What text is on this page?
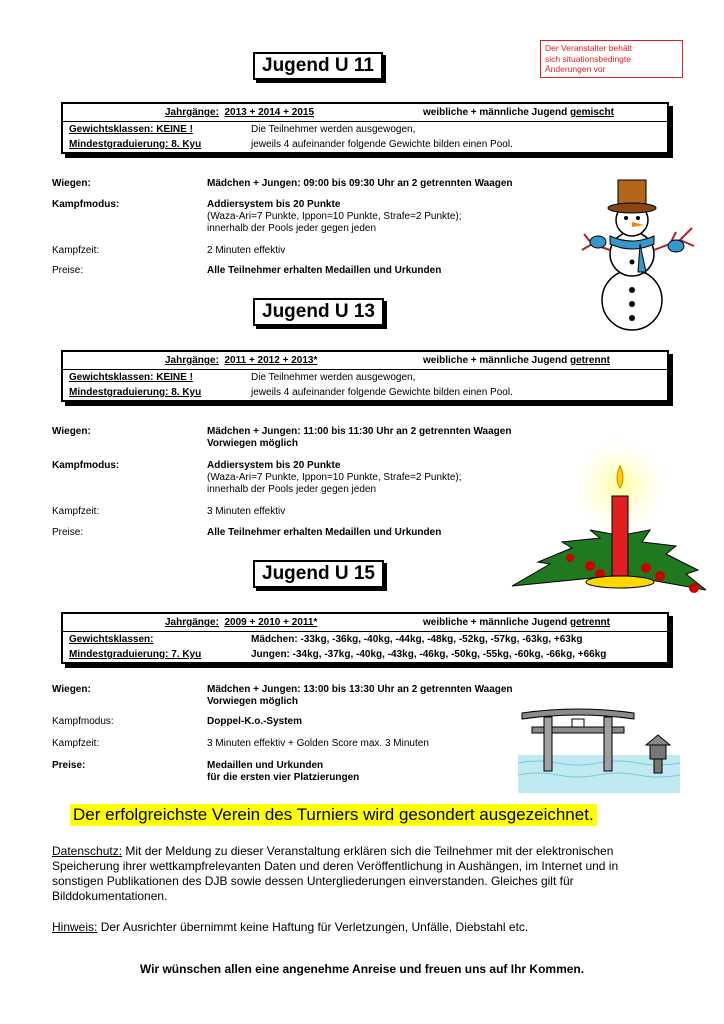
Der Veranstalter behält
sich situationsbedingte
Änderungen vor
Jugend U 11
Jahrgänge: 2013 + 2014 + 2015	weibliche + männliche Jugend gemischt
Gewichtsklassen: KEINE !	Die Teilnehmer werden ausgewogen,
Mindestgraduierung: 8. Kyu	jeweils 4 aufeinander folgende Gewichte bilden einen Pool.
Wiegen:	Mädchen + Jungen: 09:00 bis 09:30 Uhr an 2 getrennten Waagen
Kampfmodus:	Addiersystem bis 20 Punkte
(Waza-Ari=7 Punkte, Ippon=10 Punkte, Strafe=2 Punkte);
innerhalb der Pools jeder gegen jeden
Kampfzeit:	2 Minuten effektiv
Preise:	Alle Teilnehmer erhalten Medaillen und Urkunden
Jugend U 13
Jahrgänge: 2011 + 2012 + 2013*	weibliche + männliche Jugend getrennt
Gewichtsklassen: KEINE !	Die Teilnehmer werden ausgewogen,
Mindestgraduierung: 8. Kyu	jeweils 4 aufeinander folgende Gewichte bilden einen Pool.
Wiegen:	Mädchen + Jungen: 11:00 bis 11:30 Uhr an 2 getrennten Waagen
Vorwiegen möglich
Kampfmodus:	Addiersystem bis 20 Punkte
(Waza-Ari=7 Punkte, Ippon=10 Punkte, Strafe=2 Punkte);
innerhalb der Pools jeder gegen jeden
Kampfzeit:	3 Minuten effektiv
Preise:	Alle Teilnehmer erhalten Medaillen und Urkunden
Jugend U 15
Jahrgänge: 2009 + 2010 + 2011*	weibliche + männliche Jugend getrennt
Gewichtsklassen:	Mädchen: -33kg, -36kg, -40kg, -44kg, -48kg, -52kg, -57kg, -63kg, +63kg
Mindestgraduierung: 7. Kyu	Jungen: -34kg, -37kg, -40kg, -43kg, -46kg, -50kg, -55kg, -60kg, -66kg, +66kg
Wiegen:	Mädchen + Jungen: 13:00 bis 13:30 Uhr an 2 getrennten Waagen
Vorwiegen möglich
Kampfmodus:	Doppel-K.o.-System
Kampfzeit:	3 Minuten effektiv + Golden Score max. 3 Minuten
Preise:	Medaillen und Urkunden
für die ersten vier Platzierungen
Der erfolgreichste Verein des Turniers wird gesondert ausgezeichnet.
Datenschutz: Mit der Meldung zu dieser Veranstaltung erklären sich die Teilnehmer mit der elektronischen Speicherung ihrer wettkampfrelevanten Daten und deren Veröffentlichung in Aushängen, im Internet und in sonstigen Publikationen des DJB sowie dessen Untergliederungen einverstanden. Gleiches gilt für Bilddokumentationen.
Hinweis: Der Ausrichter übernimmt keine Haftung für Verletzungen, Unfälle, Diebstahl etc.
Wir wünschen allen eine angenehme Anreise und freuen uns auf Ihr Kommen.
